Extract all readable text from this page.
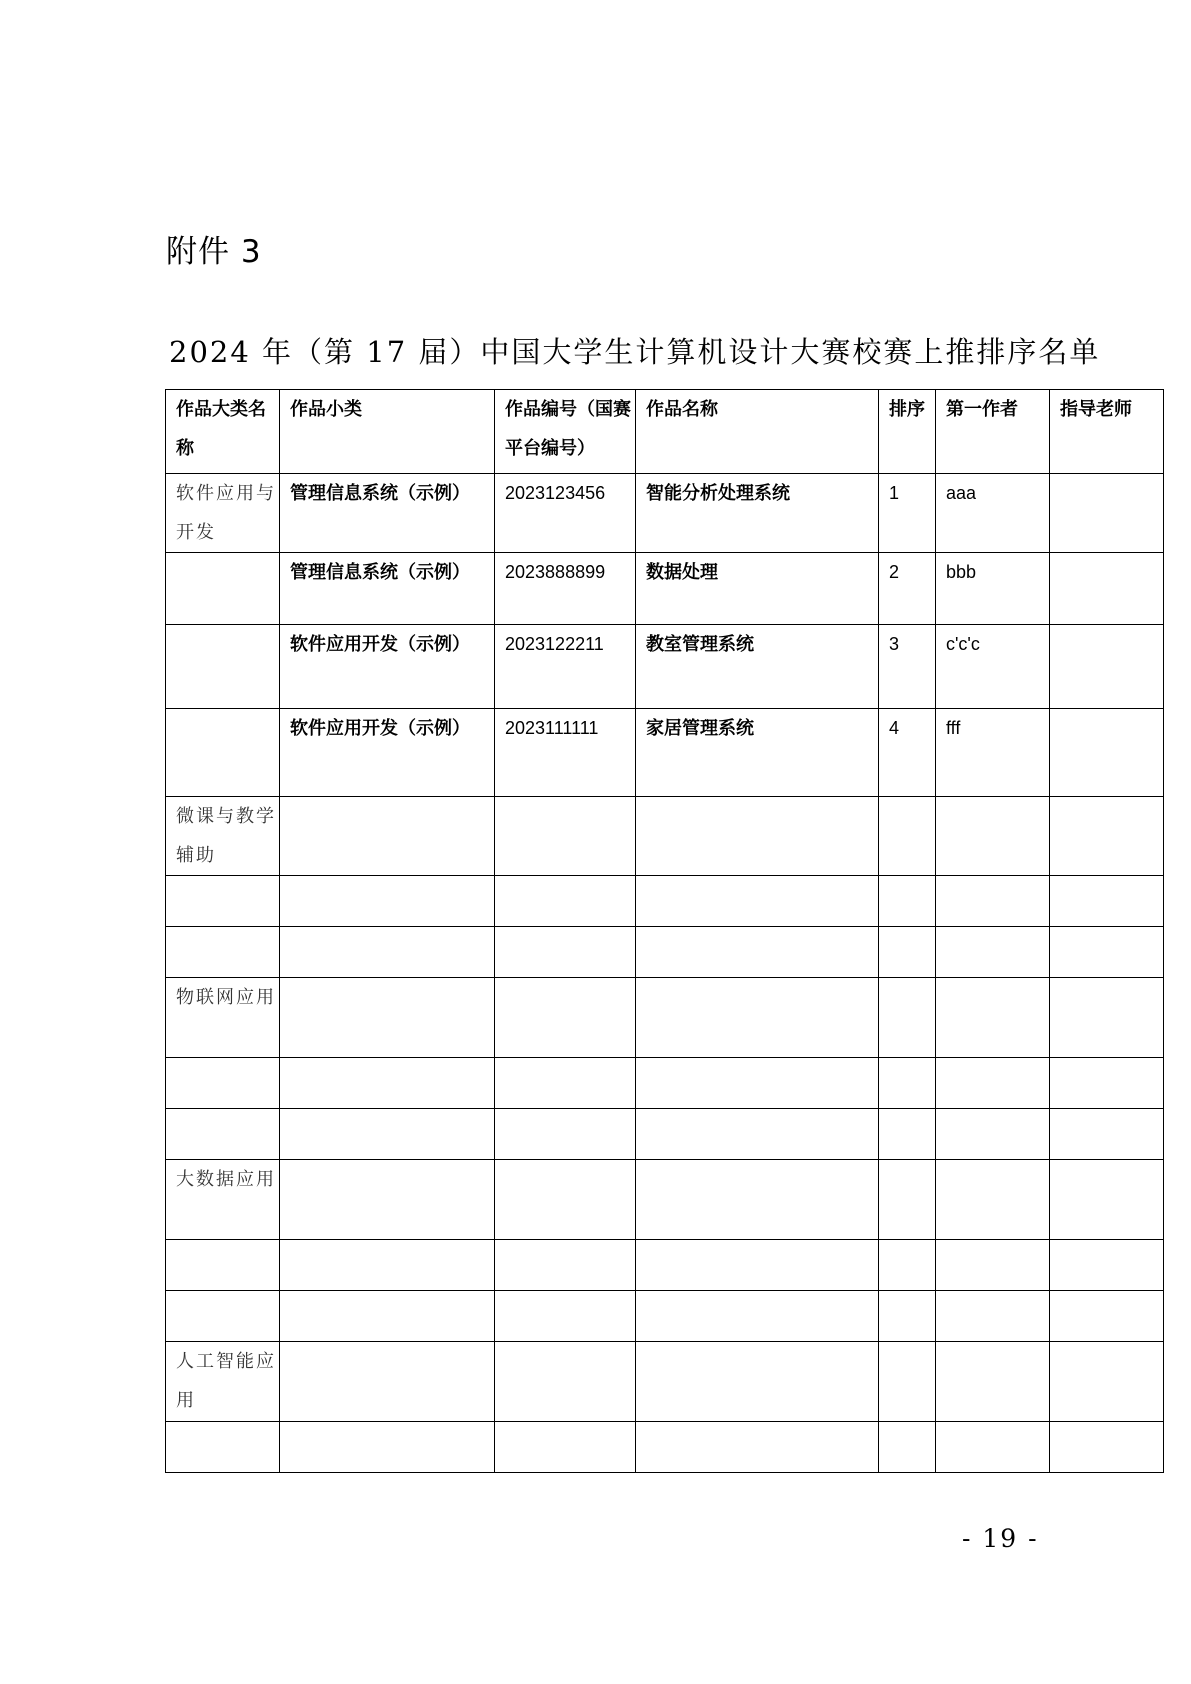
附件 3
2024 年（第 17 届）中国大学生计算机设计大赛校赛上推排序名单
作品大类名称	作品小类	作品编号（国赛平台编号）	作品名称	排序	第一作者	指导老师
软件应用与开发	管理信息系统（示例）	2023123456	智能分析处理系统	1	aaa	
	管理信息系统（示例）	2023888899	数据处理	2	bbb	
	软件应用开发（示例）	2023122211	教室管理系统	3	c'c'c	
	软件应用开发（示例）	2023111111	家居管理系统	4	fff	
微课与教学辅助						

物联网应用						

大数据应用						

人工智能应用						

- 19 -
